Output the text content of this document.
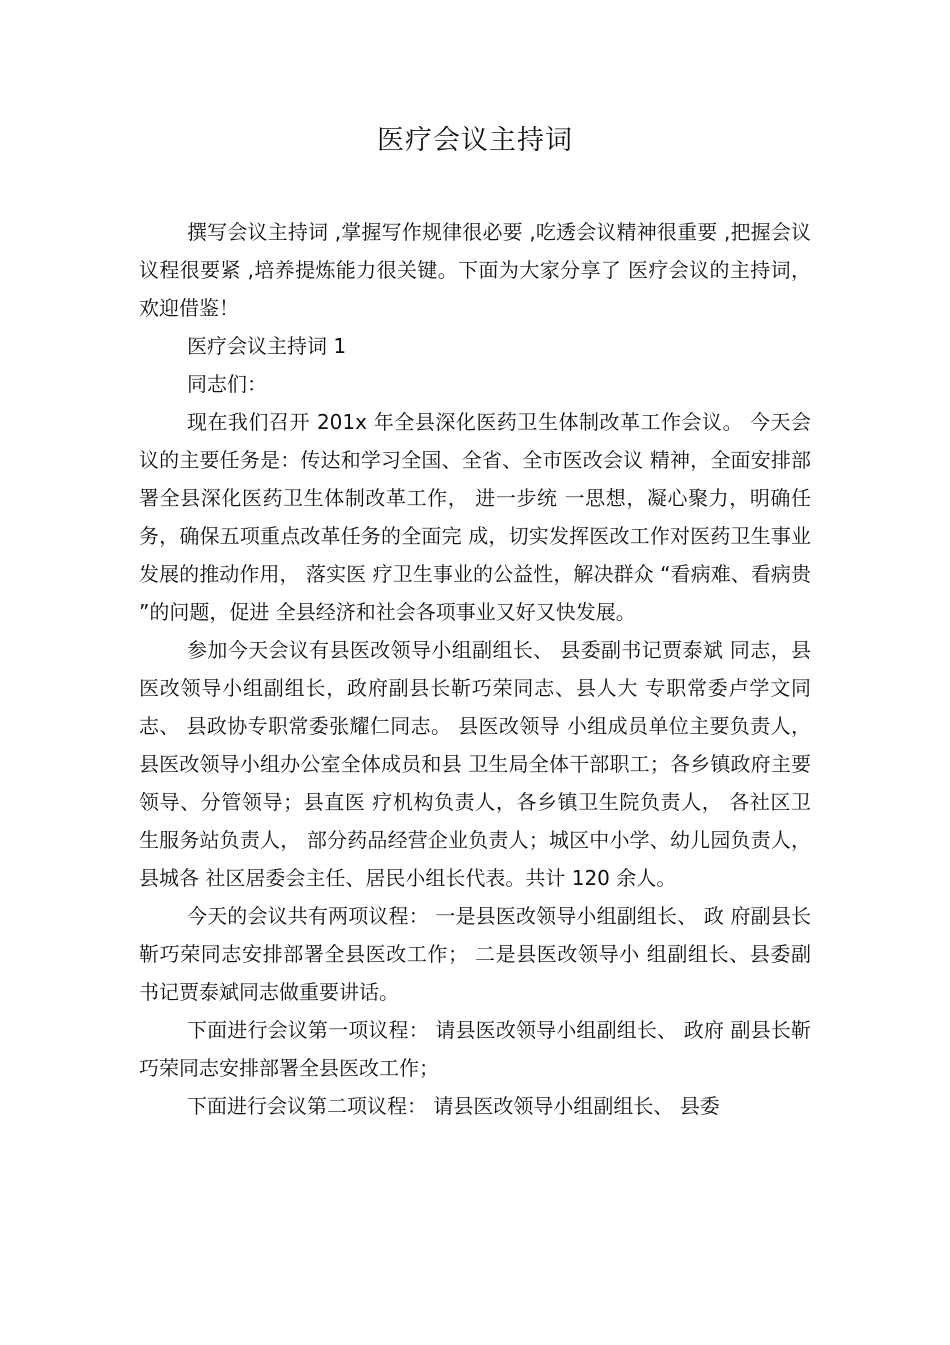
医疗会议主持词

撰写会议主持词 ,掌握写作规律很必要 ,吃透会议精神很重要 ,把握会议议程很要紧 ,培养提炼能力很关键。下面为大家分享了 医疗会议的主持词，欢迎借鉴！

医疗会议主持词 1

同志们：

现在我们召开 201x 年全县深化医药卫生体制改革工作会议。 今天会议的主要任务是：传达和学习全国、全省、全市医改会议 精神，全面安排部署全县深化医药卫生体制改革工作， 进一步统 一思想，凝心聚力，明确任务，确保五项重点改革任务的全面完 成，切实发挥医改工作对医药卫生事业发展的推动作用， 落实医 疗卫生事业的公益性，解决群众 “看病难、看病贵 ”的问题，促进 全县经济和社会各项事业又好又快发展。

参加今天会议有县医改领导小组副组长、 县委副书记贾泰斌 同志，县医改领导小组副组长，政府副县长靳巧荣同志、县人大 专职常委卢学文同志、 县政协专职常委张耀仁同志。 县医改领导 小组成员单位主要负责人， 县医改领导小组办公室全体成员和县 卫生局全体干部职工；各乡镇政府主要领导、分管领导；县直医 疗机构负责人，各乡镇卫生院负责人， 各社区卫生服务站负责人， 部分药品经营企业负责人；城区中小学、幼儿园负责人，县城各 社区居委会主任、居民小组长代表。共计 120 余人。

今天的会议共有两项议程： 一是县医改领导小组副组长、 政 府副县长靳巧荣同志安排部署全县医改工作； 二是县医改领导小 组副组长、县委副书记贾泰斌同志做重要讲话。

下面进行会议第一项议程： 请县医改领导小组副组长、 政府 副县长靳巧荣同志安排部署全县医改工作；

下面进行会议第二项议程： 请县医改领导小组副组长、 县委
